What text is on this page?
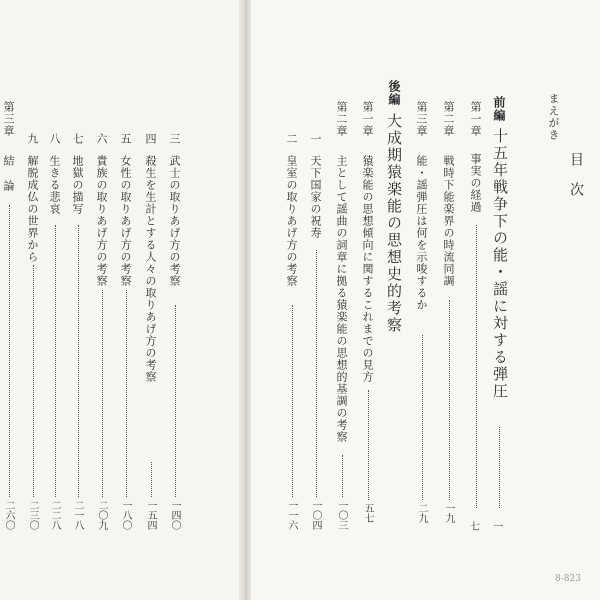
目次
まえがき
前編
十五年戦争下の能・謡に対する弾圧
一
第一章
事実の経過
七
第二章
戦時下能楽界の時流同調
一九
第三章
能・謡弾圧は何を示唆するか
二九
後編
大成期猿楽能の思想史的考察
第一章
猿楽能の思想傾向に関するこれまでの見方
五七
第二章
主として謡曲の詞章に拠る猿楽能の思想的基調の考察
一〇三
一
天下国家の祝寿
一〇四
二
皇室の取りあげ方の考察
一一六
三
武士の取りあげ方の考察
一四〇
四
殺生を生計とする人々の取りあげ方の考察
一五四
五
女性の取りあげ方の考察
一八〇
六
貴族の取りあげ方の考察
二〇九
七
地獄の描写
二一八
八
生きる悲哀
二二八
九
解脱成仏の世界から
二三〇
第三章
結論
二六〇
8-823
